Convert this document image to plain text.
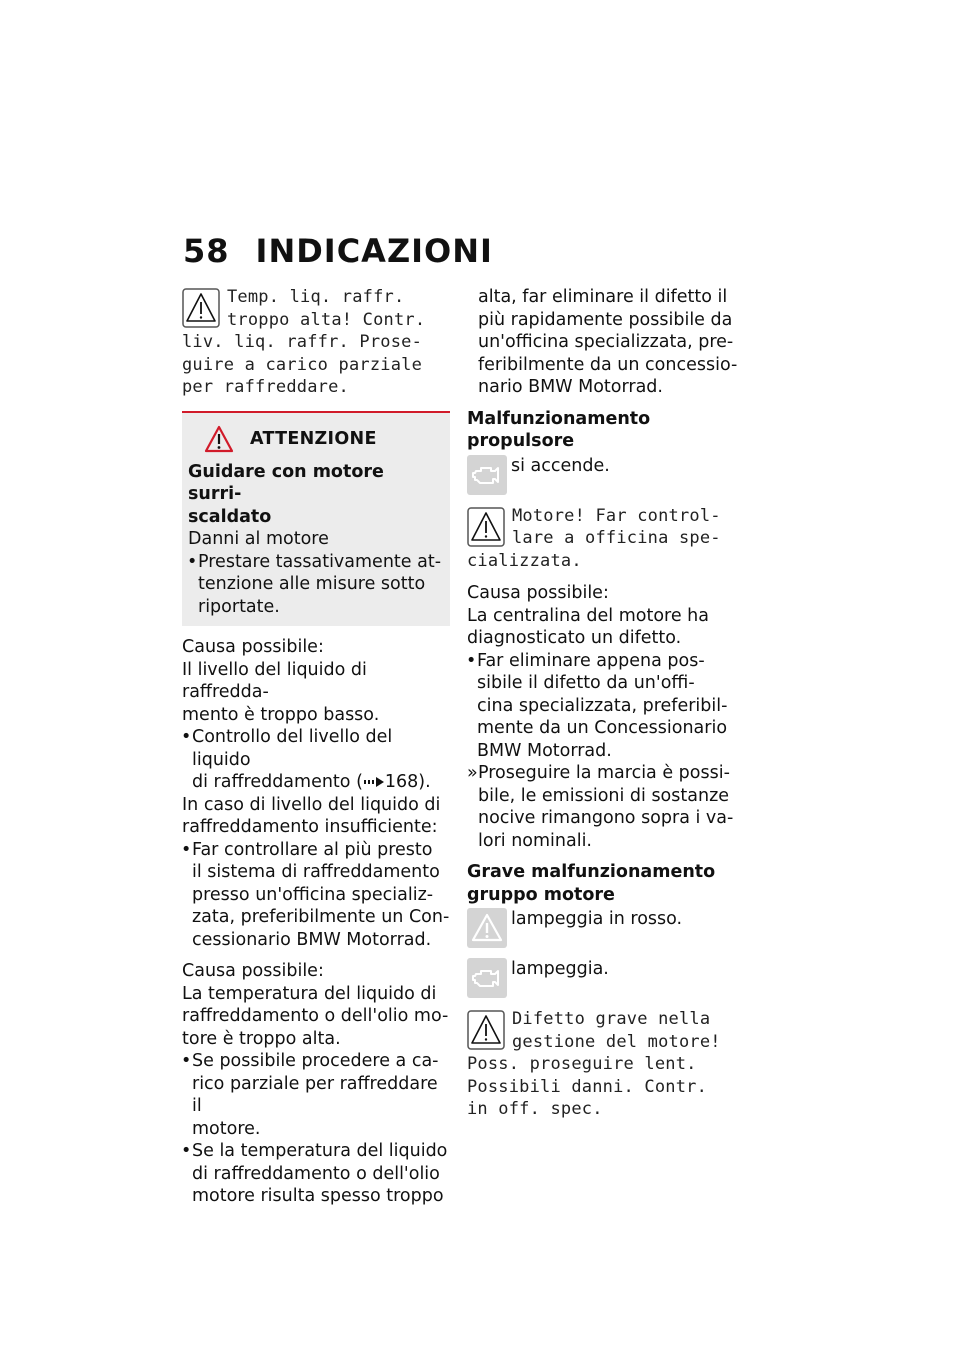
58 INDICAZIONI

Temp. liq. raffr.

troppo alta! Contr.

liv. liq. raffr. Prose-

guire a carico parziale

per raffreddare.

ATTENZIONE

Guidare con motore surri-

scaldato

Danni al motore

• Prestare tassativamente at-

tenzione alle misure sotto

riportate.

Causa possibile:

Il livello del liquido di raffredda-

mento è troppo basso.

• Controllo del livello del liquido

di raffreddamento ( 168).

In caso di livello del liquido di

raffreddamento insufficiente:

• Far controllare al più presto

il sistema di raffreddamento

presso un'officina specializ-

zata, preferibilmente un Con-

cessionario BMW Motorrad.

Causa possibile:

La temperatura del liquido di

raffreddamento o dell'olio mo-

tore è troppo alta.

• Se possibile procedere a ca-

rico parziale per raffreddare il

motore.

• Se la temperatura del liquido

di raffreddamento o dell'olio

motore risulta spesso troppo

alta, far eliminare il difetto il

più rapidamente possibile da

un'officina specializzata, pre-

feribilmente da un concessio-

nario BMW Motorrad.

Malfunzionamento propulsore

si accende.

Motore! Far control-

lare a officina spe-

cializzata.

Causa possibile:

La centralina del motore ha

diagnosticato un difetto.

• Far eliminare appena pos-

sibile il difetto da un'offi-

cina specializzata, preferibil-

mente da un Concessionario

BMW Motorrad.

» Proseguire la marcia è possi-

bile, le emissioni di sostanze

nocive rimangono sopra i va-

lori nominali.

Grave malfunzionamento

gruppo motore

lampeggia in rosso.

lampeggia.

Difetto grave nella

gestione del motore!

Poss. proseguire lent.

Possibili danni. Contr.

in off. spec.
